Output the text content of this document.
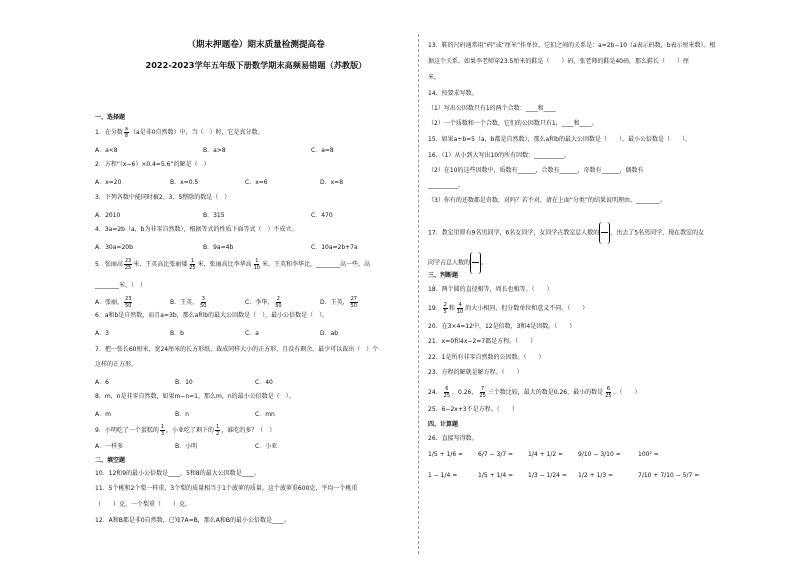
（期末押题卷）期末质量检测提高卷
2022-2023学年五年级下册数学期末高频易错题（苏教版）
一、选择题
1．在分数 $\frac{a}{8} (a$是非0自然数）中，当（　）时，它是真分数。
A．a<8	B．a>8	C．a=8
2．方程“（x−6）×0.4=5.6”的解是（　）
A．x=20	B．x=0.5	C．x=6	D．x=8
3．下列各数中能同时被2、3、5整除的数是（　）
A．2010	B．315	C．470
4．3a=2b（a，b为非零自然数），根据等式的性质下面等式（　）不成立。
A．30a=20b	B．9a=4b	C．10a=2b+7a
5．张丽高 $\frac{23}{25}$ 米，王英高比张丽矮 $\frac{1}{25}$ 米，张丽高比李华高 $\frac{1}{10}$ 米。王英和李华比，________高一些。高
________米。（　）
A．张丽， $\frac{23}{50}$	B．王英， $\frac{3}{50}$	C．李华， $\frac{2}{50}$	D．王英， $\frac{27}{50}$
6．a和b是自然数，而且a=3b，那么a和b的最大公因数是（　），最小公倍数是（　）。
A．3	B．b	C．a	D．ab
7．把一张长60厘米，宽24厘米的长方形纸，裁成同样大小的正方形，且没有剩余，最少可以裁出（　）个
这样的正方形。
A．6	B．10	C．40
8．m，n是非零自然数，如果m−n=1，那么m，n的最小公倍数是（　）。
A．m	B．n	C．mn
9．小明吃了一个蛋糕的 $\frac{1}{3}$ ，小亚吃了剩下的 $\frac{1}{2}$ ，谁吃的多？（　）
A．一样多	B．小明	C．小亚
二、填空题
10．12和9的最小公倍数是____，5和8的最大公因数是____。
11．5个桃和2个梨一样重，3个梨的质量相当于1个菠萝的质量。这个菠萝重600克，平均一个桃重
（　　）克，一个梨重（　　）克。
12．A和B都是非0自然数，已知7A=B，那么A和B的最小公倍数是____。
13．鞋的尺码通常用“码”或“厘米”作单位，它们之间的关系是：a=2b−10（a表示码数，b表示厘米数）。根
据这个关系，如果李老师穿23.5厘米的鞋是（　　）码，张老师的鞋是40码，那么鞋长（　　）厘
米。
14．按要求写数。
（1）写出公因数只有1的两个合数：____和____
（2）一个质数和一个合数，它们的公因数只有1，____和____。
15．如果a÷b=5（a，b都是自然数），那么a和b的最大公因数是（　　），最小公倍数是（　　）。
16．（1）从小到大写出10的所有因数：__________。
（2）在10的这些因数中，质数有______，合数有______，奇数有______，偶数有
__________。
（3）你有的还数都是奇数，对吗？若不对，请在上面“分类”的结果说明理由。________。
17．教室里原有9名男同学，6名女同学，女同学占教室总人数的 ，出去了5名男同学，现在教室的女
同学占总人数的 。
三、判断题
18．两个圆的直径相等，周长也相等。（　　）
19． $\frac{2}{5}$ 和 $\frac{4}{10}$ 的大小相同，但分数单位和意义不同。（　　）
20．在3×4=12中，12是倍数，3和4是因数。（　　）
21．x=0和4x−2=7都是方程。（　　）
22．1是所有非零自然数的公因数。（　　）
23．方程的解就是解方程。（　　）
24． $\frac{6}{25}$ ，0.26， $\frac{7}{25}$ 三个数比较，最大的数是0.26，最小的数是 $\frac{6}{25}$ 。（　　）
25．6−2x+3不是方程。（　　）
四、计算题
26．直接写得数。
1/5 + 1/6 = 6/7 − 3/7 = 1/4 + 1/2 = 9/10 − 3/10 =	100² =
1 − 1/4 =	1/5 + 1/4 = 1/3 − 1/24 = 1/2 + 1/3 =	7/10 + 7/10 − 5/7 =
